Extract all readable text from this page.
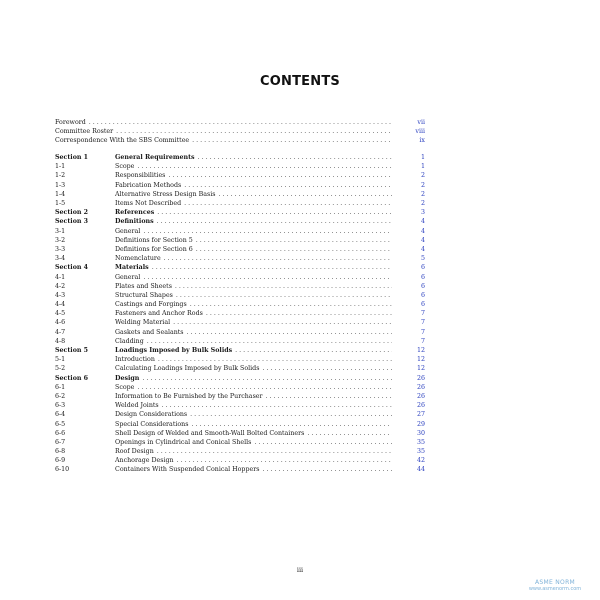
CONTENTS
Foreword . . .	vii
Committee Roster . . .	viii
Correspondence With the SBS Committee . . .	ix
Section 1	General Requirements . . .	1
1-1	Scope . . .	1
1-2	Responsibilities . . .	2
1-3	Fabrication Methods . . .	2
1-4	Alternative Stress Design Basis . . .	2
1-5	Items Not Described . . .	2
Section 2	References . . .	3
Section 3	Definitions . . .	4
3-1	General . . .	4
3-2	Definitions for Section 5 . . .	4
3-3	Definitions for Section 6 . . .	4
3-4	Nomenclature . . .	5
Section 4	Materials . . .	6
4-1	General . . .	6
4-2	Plates and Sheets . . .	6
4-3	Structural Shapes . . .	6
4-4	Castings and Forgings . . .	6
4-5	Fasteners and Anchor Rods . . .	7
4-6	Welding Material . . .	7
4-7	Gaskets and Sealants . . .	7
4-8	Cladding . . .	7
Section 5	Loadings Imposed by Bulk Solids . . .	12
5-1	Introduction . . .	12
5-2	Calculating Loadings Imposed by Bulk Solids . . .	12
Section 6	Design . . .	26
6-1	Scope . . .	26
6-2	Information to Be Furnished by the Purchaser . . .	26
6-3	Welded Joints . . .	26
6-4	Design Considerations . . .	27
6-5	Special Considerations . . .	29
6-6	Shell Design of Welded and Smooth-Wall Bolted Containers . . .	30
6-7	Openings in Cylindrical and Conical Shells . . .	35
6-8	Roof Design . . .	35
6-9	Anchorage Design . . .	42
6-10	Containers With Suspended Conical Hoppers . . .	44
iii
ASME NORM
www.asmenorm.com
